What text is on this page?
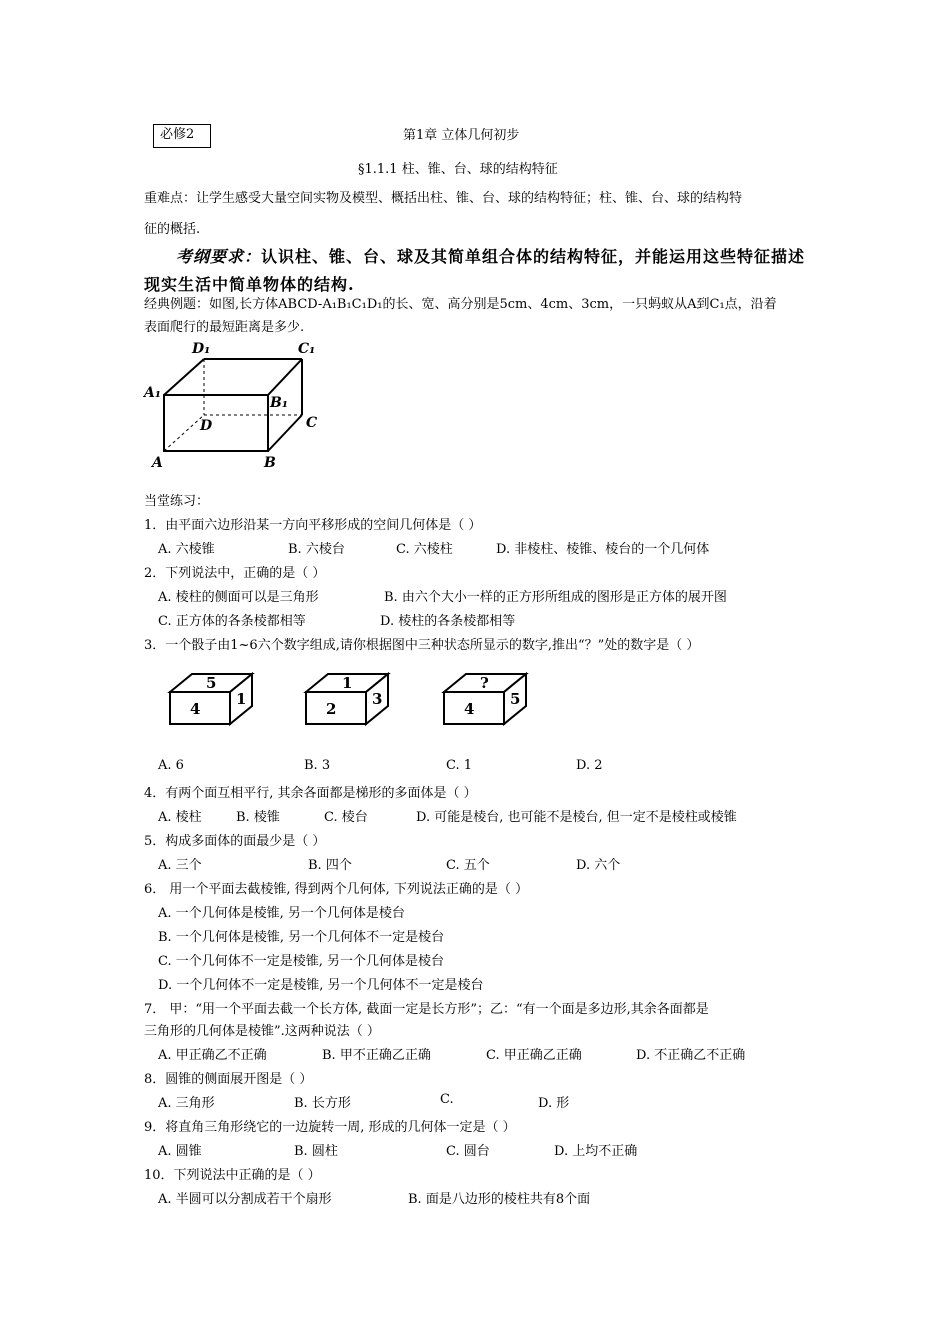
必修2	第1章 立体几何初步
§1.1.1 柱、锥、台、球的结构特征
重难点：让学生感受大量空间实物及模型、概括出柱、锥、台、球的结构特征；柱、锥、台、球的结构特
征的概括.
考纲要求：认识柱、锥、台、球及其简单组合体的结构特征，并能运用这些特征描述
现实生活中简单物体的结构.
经典例题：如图,长方体ABCD-A₁B₁C₁D₁的长、宽、高分别是5cm、4cm、3cm，一只蚂蚁从A到C₁点，沿着
表面爬行的最短距离是多少.
D₁	C₁
A₁
B₁
D	C
A	B
当堂练习：
1．由平面六边形沿某一方向平移形成的空间几何体是（ ）
A. 六棱锥	B. 六棱台	C. 六棱柱	D. 非棱柱、棱锥、棱台的一个几何体
2．下列说法中，正确的是（ ）
A. 棱柱的侧面可以是三角形	B. 由六个大小一样的正方形所组成的图形是正方体的展开图
C. 正方体的各条棱都相等	D. 棱柱的各条棱都相等
3．一个骰子由1~6六个数字组成,请你根据图中三种状态所显示的数字,推出“？”处的数字是（ ）
5
4
1
1
2
3
?
4
5
A. 6	B. 3	C. 1	D. 2
4．有两个面互相平行, 其余各面都是梯形的多面体是（ ）
A. 棱柱	B. 棱锥	C. 棱台	D. 可能是棱台, 也可能不是棱台, 但一定不是棱柱或棱锥
5．构成多面体的面最少是（ ）
A. 三个	B. 四个	C. 五个	D. 六个
6． 用一个平面去截棱锥, 得到两个几何体, 下列说法正确的是（ ）
A. 一个几何体是棱锥, 另一个几何体是棱台
B. 一个几何体是棱锥, 另一个几何体不一定是棱台
C. 一个几何体不一定是棱锥, 另一个几何体是棱台
D. 一个几何体不一定是棱锥, 另一个几何体不一定是棱台
7． 甲：“用一个平面去截一个长方体, 截面一定是长方形”；乙：“有一个面是多边形,其余各面都是
三角形的几何体是棱锥”.这两种说法（ ）
A. 甲正确乙不正确	B. 甲不正确乙正确	C. 甲正确乙正确	D. 不正确乙不正确
8．圆锥的侧面展开图是（ ）
A. 三角形	B. 长方形	C.	D. 形
9．将直角三角形绕它的一边旋转一周, 形成的几何体一定是（ ）
A. 圆锥	B. 圆柱	C. 圆台	D. 上均不正确
10．下列说法中正确的是（ ）
A. 半圆可以分割成若干个扇形	B. 面是八边形的棱柱共有8个面
